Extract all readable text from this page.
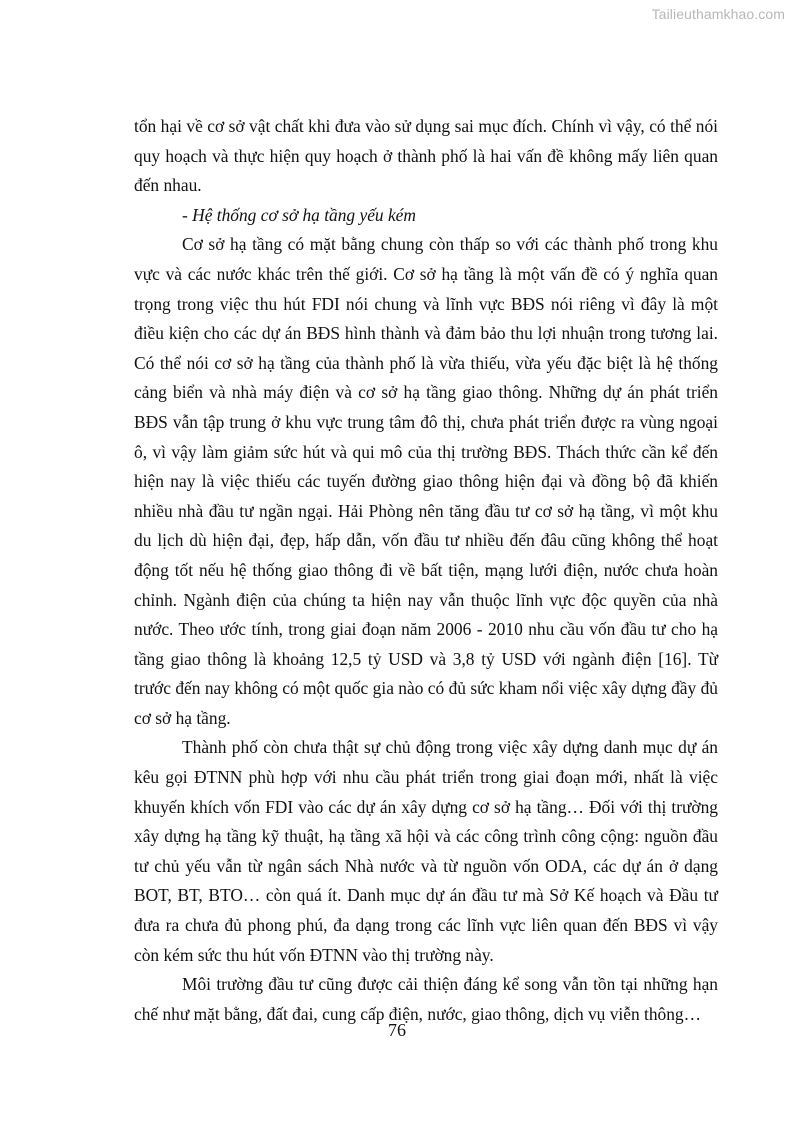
Tailieuthamkhao.com

tổn hại về cơ sở vật chất khi đưa vào sử dụng sai mục đích. Chính vì vậy, có thể nói quy hoạch và thực hiện quy hoạch ở thành phố là hai vấn đề không mấy liên quan đến nhau.

- Hệ thống cơ sở hạ tầng yếu kém

Cơ sở hạ tầng có mặt bằng chung còn thấp so với các thành phố trong khu vực và các nước khác trên thế giới. Cơ sở hạ tầng là một vấn đề có ý nghĩa quan trọng trong việc thu hút FDI nói chung và lĩnh vực BĐS nói riêng vì đây là một điều kiện cho các dự án BĐS hình thành và đảm bảo thu lợi nhuận trong tương lai. Có thể nói cơ sở hạ tầng của thành phố là vừa thiếu, vừa yếu đặc biệt là hệ thống cảng biển và nhà máy điện và cơ sở hạ tầng giao thông. Những dự án phát triển BĐS vẫn tập trung ở khu vực trung tâm đô thị, chưa phát triển được ra vùng ngoại ô, vì vậy làm giảm sức hút và qui mô của thị trường BĐS. Thách thức cần kể đến hiện nay là việc thiếu các tuyến đường giao thông hiện đại và đồng bộ đã khiến nhiều nhà đầu tư ngần ngại. Hải Phòng nên tăng đầu tư cơ sở hạ tầng, vì một khu du lịch dù hiện đại, đẹp, hấp dẫn, vốn đầu tư nhiều đến đâu cũng không thể hoạt động tốt nếu hệ thống giao thông đi về bất tiện, mạng lưới điện, nước chưa hoàn chỉnh. Ngành điện của chúng ta hiện nay vẫn thuộc lĩnh vực độc quyền của nhà nước. Theo ước tính, trong giai đoạn năm 2006 - 2010 nhu cầu vốn đầu tư cho hạ tầng giao thông là khoảng 12,5 tỷ USD và 3,8 tỷ USD với ngành điện [16]. Từ trước đến nay không có một quốc gia nào có đủ sức kham nổi việc xây dựng đầy đủ cơ sở hạ tầng.

Thành phố còn chưa thật sự chủ động trong việc xây dựng danh mục dự án kêu gọi ĐTNN phù hợp với nhu cầu phát triển trong giai đoạn mới, nhất là việc khuyến khích vốn FDI vào các dự án xây dựng cơ sở hạ tầng… Đối với thị trường xây dựng hạ tầng kỹ thuật, hạ tầng xã hội và các công trình công cộng: nguồn đầu tư chủ yếu vẫn từ ngân sách Nhà nước và từ nguồn vốn ODA, các dự án ở dạng BOT, BT, BTO… còn quá ít. Danh mục dự án đầu tư mà Sở Kế hoạch và Đầu tư đưa ra chưa đủ phong phú, đa dạng trong các lĩnh vực liên quan đến BĐS vì vậy còn kém sức thu hút vốn ĐTNN vào thị trường này.

Môi trường đầu tư cũng được cải thiện đáng kể song vẫn tồn tại những hạn chế như mặt bằng, đất đai, cung cấp điện, nước, giao thông, dịch vụ viễn thông…

76
